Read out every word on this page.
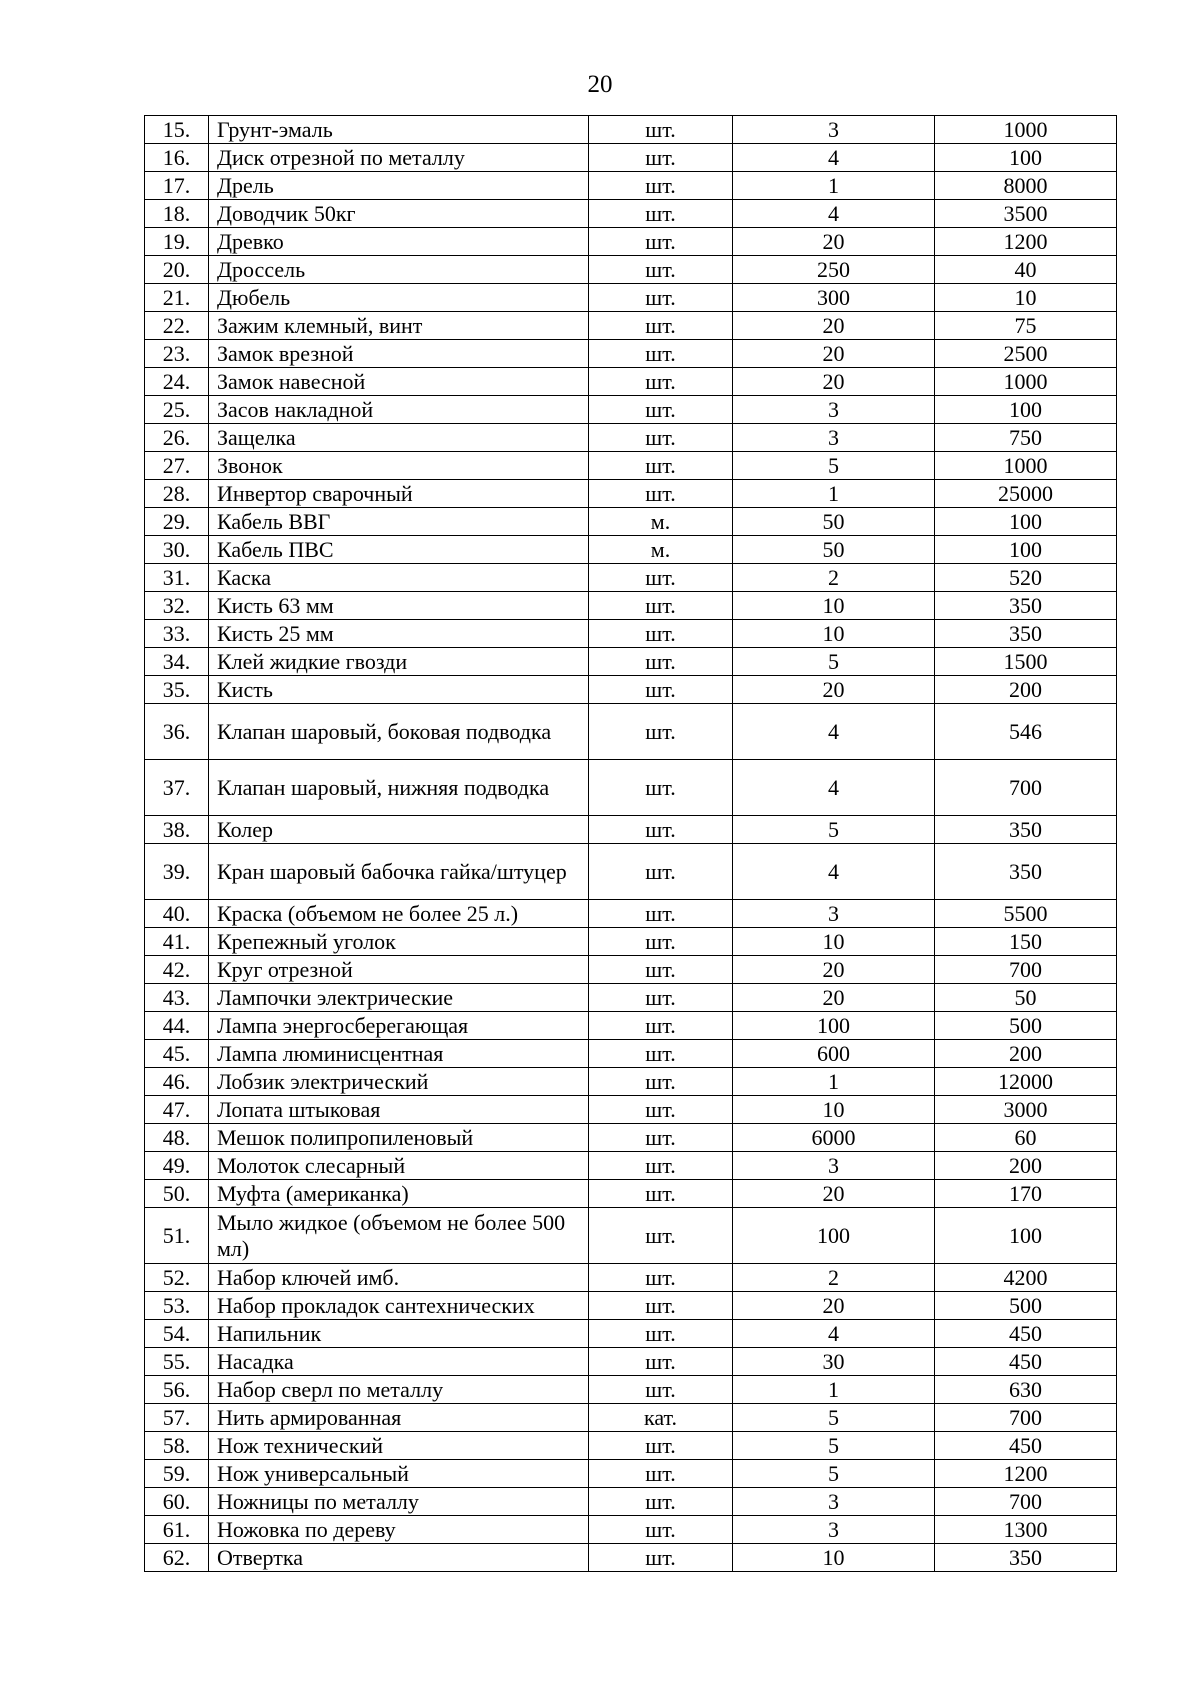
20
15.	Грунт-эмаль	шт.	3	1000
16.	Диск отрезной по металлу	шт.	4	100
17.	Дрель	шт.	1	8000
18.	Доводчик 50кг	шт.	4	3500
19.	Древко	шт.	20	1200
20.	Дроссель	шт.	250	40
21.	Дюбель	шт.	300	10
22.	Зажим клемный, винт	шт.	20	75
23.	Замок врезной	шт.	20	2500
24.	Замок навесной	шт.	20	1000
25.	Засов накладной	шт.	3	100
26.	Защелка	шт.	3	750
27.	Звонок	шт.	5	1000
28.	Инвертор сварочный	шт.	1	25000
29.	Кабель ВВГ	м.	50	100
30.	Кабель ПВС	м.	50	100
31.	Каска	шт.	2	520
32.	Кисть 63 мм	шт.	10	350
33.	Кисть 25 мм	шт.	10	350
34.	Клей жидкие гвозди	шт.	5	1500
35.	Кисть	шт.	20	200
36.	Клапан шаровый, боковая подводка	шт.	4	546
37.	Клапан шаровый, нижняя подводка	шт.	4	700
38.	Колер	шт.	5	350
39.	Кран шаровый бабочка гайка/штуцер	шт.	4	350
40.	Краска (объемом не более 25 л.)	шт.	3	5500
41.	Крепежный уголок	шт.	10	150
42.	Круг отрезной	шт.	20	700
43.	Лампочки электрические	шт.	20	50
44.	Лампа энергосберегающая	шт.	100	500
45.	Лампа люминисцентная	шт.	600	200
46.	Лобзик электрический	шт.	1	12000
47.	Лопата штыковая	шт.	10	3000
48.	Мешок полипропиленовый	шт.	6000	60
49.	Молоток слесарный	шт.	3	200
50.	Муфта (американка)	шт.	20	170
51.	Мыло жидкое (объемом не более 500 мл)	шт.	100	100
52.	Набор ключей имб.	шт.	2	4200
53.	Набор прокладок сантехнических	шт.	20	500
54.	Напильник	шт.	4	450
55.	Насадка	шт.	30	450
56.	Набор сверл по металлу	шт.	1	630
57.	Нить армированная	кат.	5	700
58.	Нож технический	шт.	5	450
59.	Нож универсальный	шт.	5	1200
60.	Ножницы по металлу	шт.	3	700
61.	Ножовка по дереву	шт.	3	1300
62.	Отвертка	шт.	10	350
